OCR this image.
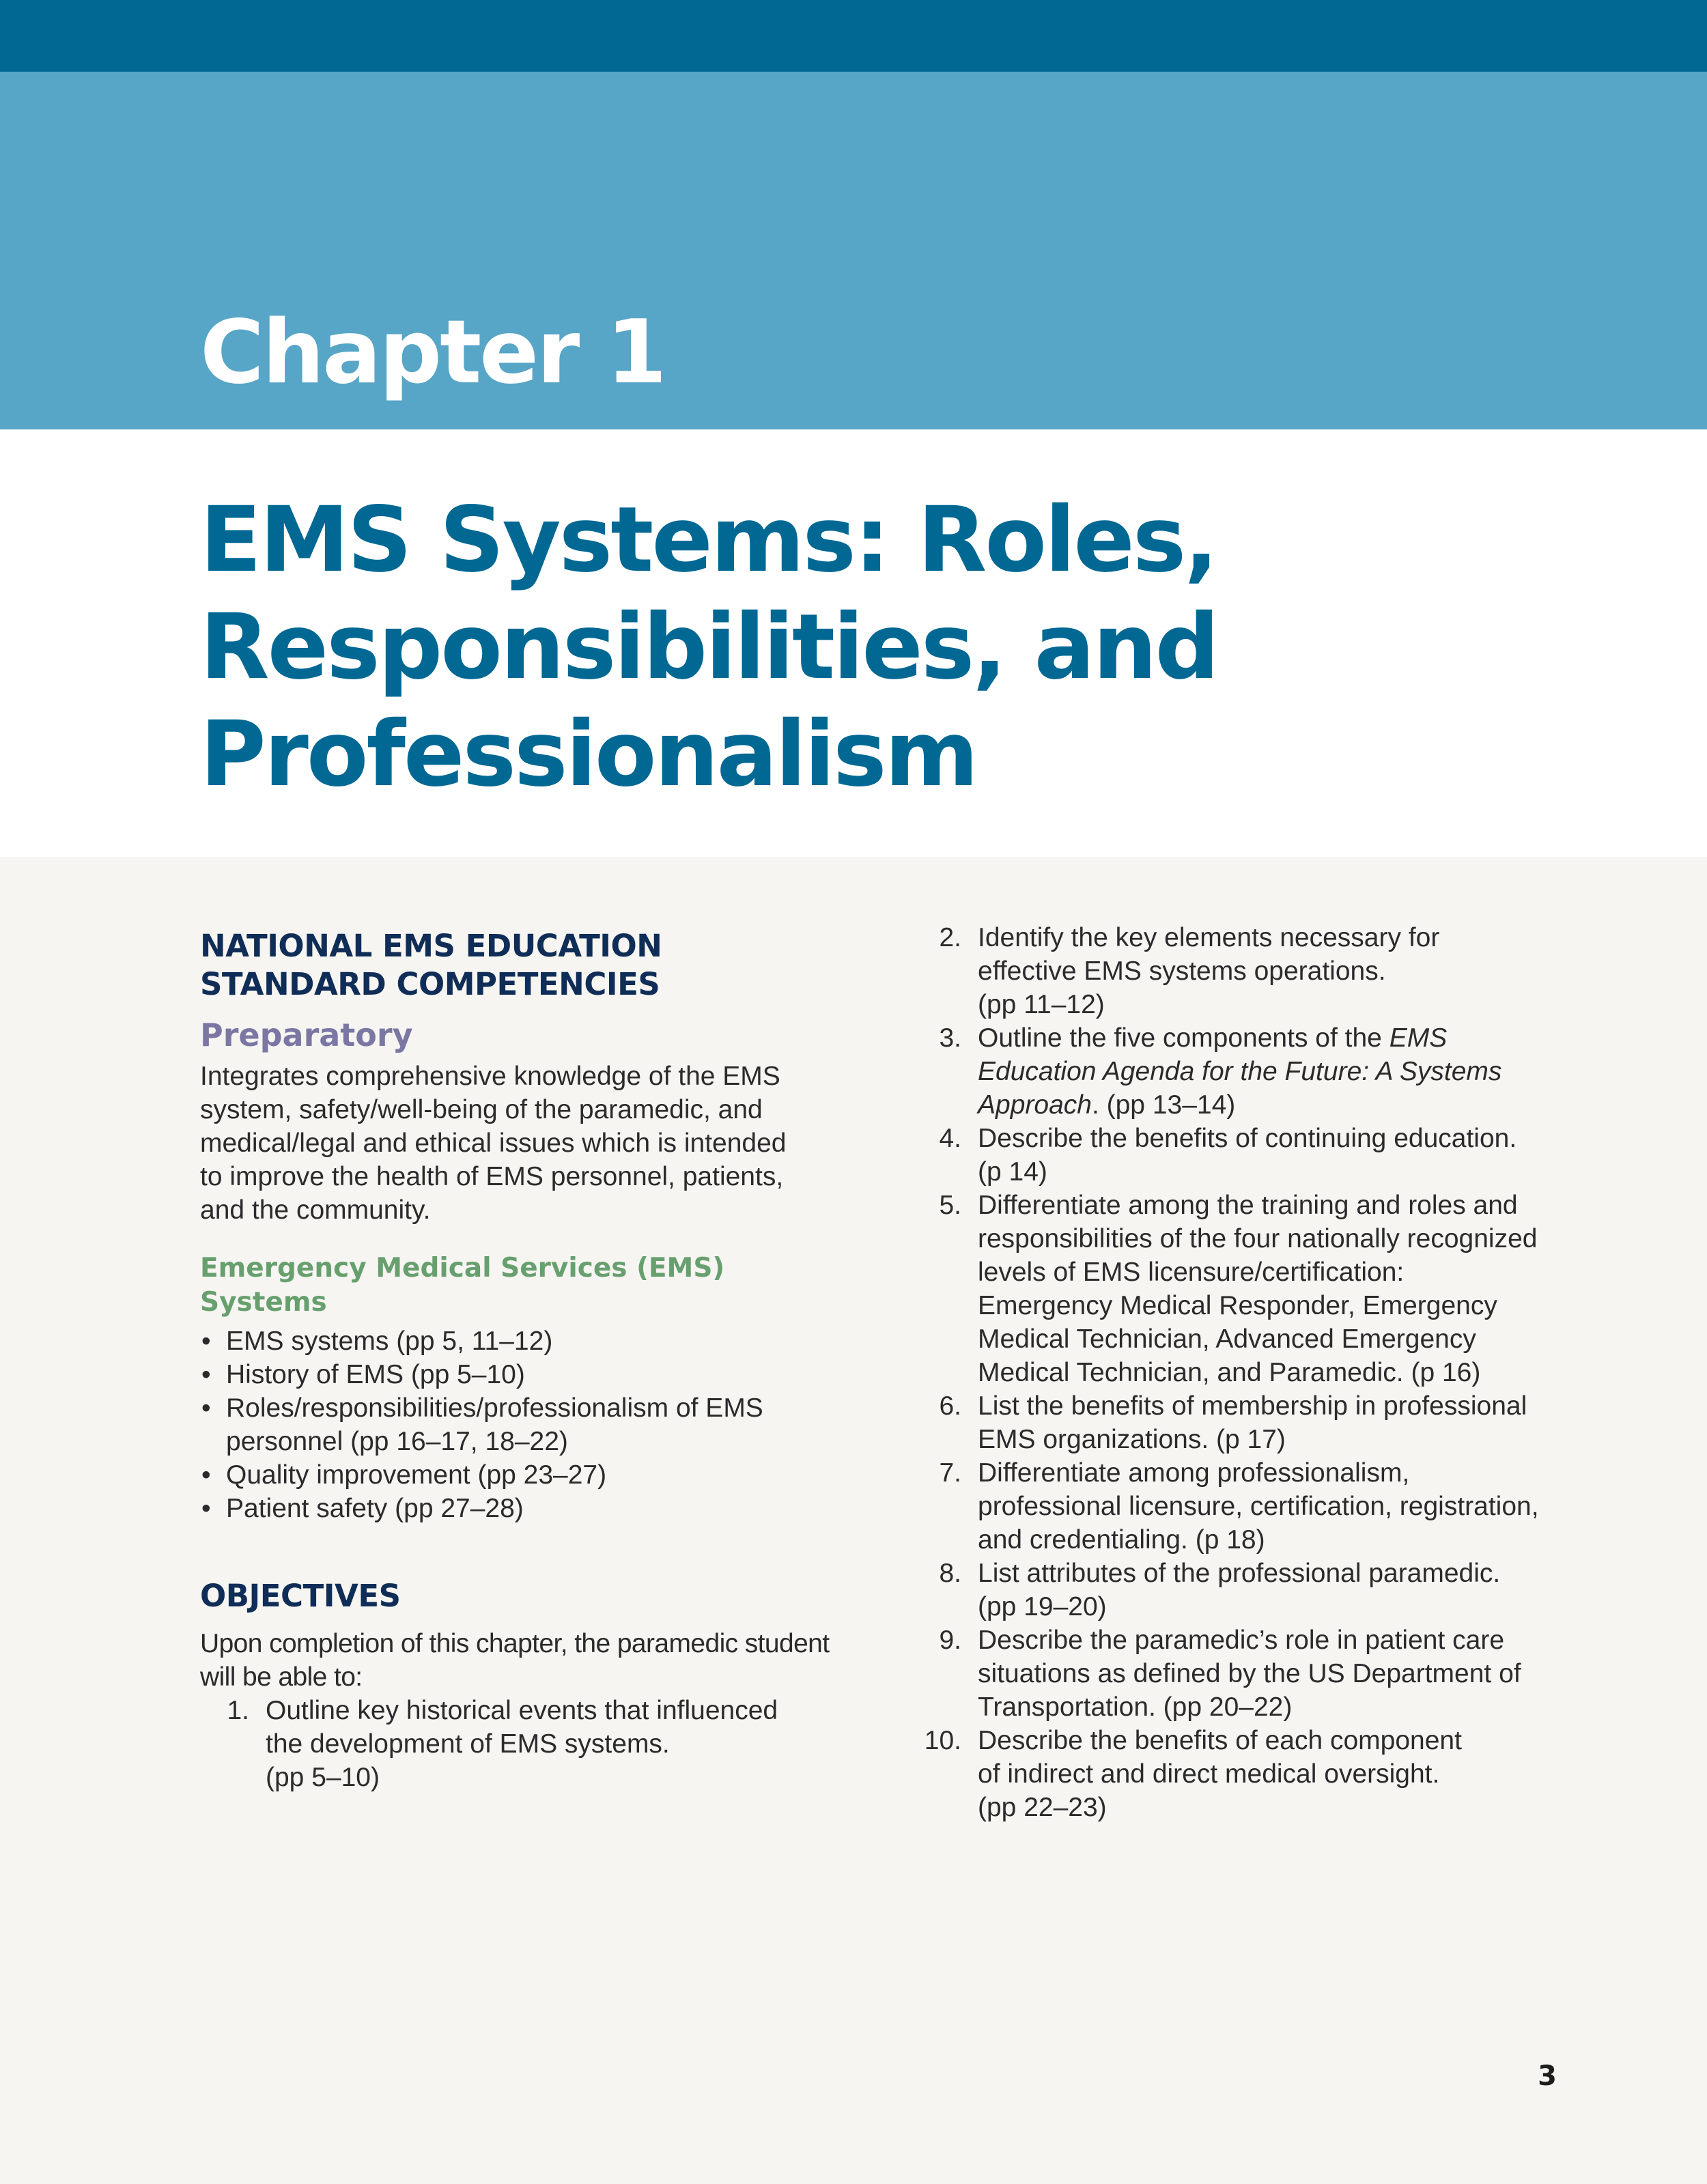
Chapter 1
EMS Systems: Roles,
Responsibilities, and
Professionalism
NATIONAL EMS EDUCATION
STANDARD COMPETENCIES
Preparatory

Integrates comprehensive knowledge of the EMS
system, safety/well-being of the paramedic, and
medical/legal and ethical issues which is intended
to improve the health of EMS personnel, patients,
and the community.

Emergency Medical Services (EMS)
Systems
• EMS systems (pp 5, 11–12)
• History of EMS (pp 5–10)
• Roles/responsibilities/professionalism of EMS
personnel (pp 16–17, 18–22)
• Quality improvement (pp 23–27)
• Patient safety (pp 27–28)
OBJECTIVES

Upon completion of this chapter, the paramedic student
will be able to:

1. Outline key historical events that influenced
the development of EMS systems.
(pp 5–10)
2. Identify the key elements necessary for
effective EMS systems operations.
(pp 11–12)
3. Outline the five components of the EMS
Education Agenda for the Future: A Systems
Approach. (pp 13–14)
4. Describe the benefits of continuing education.
(p 14)
5. Differentiate among the training and roles and
responsibilities of the four nationally recognized
levels of EMS licensure/certification:
Emergency Medical Responder, Emergency
Medical Technician, Advanced Emergency
Medical Technician, and Paramedic. (p 16)
6. List the benefits of membership in professional
EMS organizations. (p 17)
7. Differentiate among professionalism,
professional licensure, certification, registration,
and credentialing. (p 18)
8. List attributes of the professional paramedic.
(pp 19–20)
9. Describe the paramedic’s role in patient care
situations as defined by the US Department of
Transportation. (pp 20–22)
10. Describe the benefits of each component
of indirect and direct medical oversight.
(pp 22–23)

3
